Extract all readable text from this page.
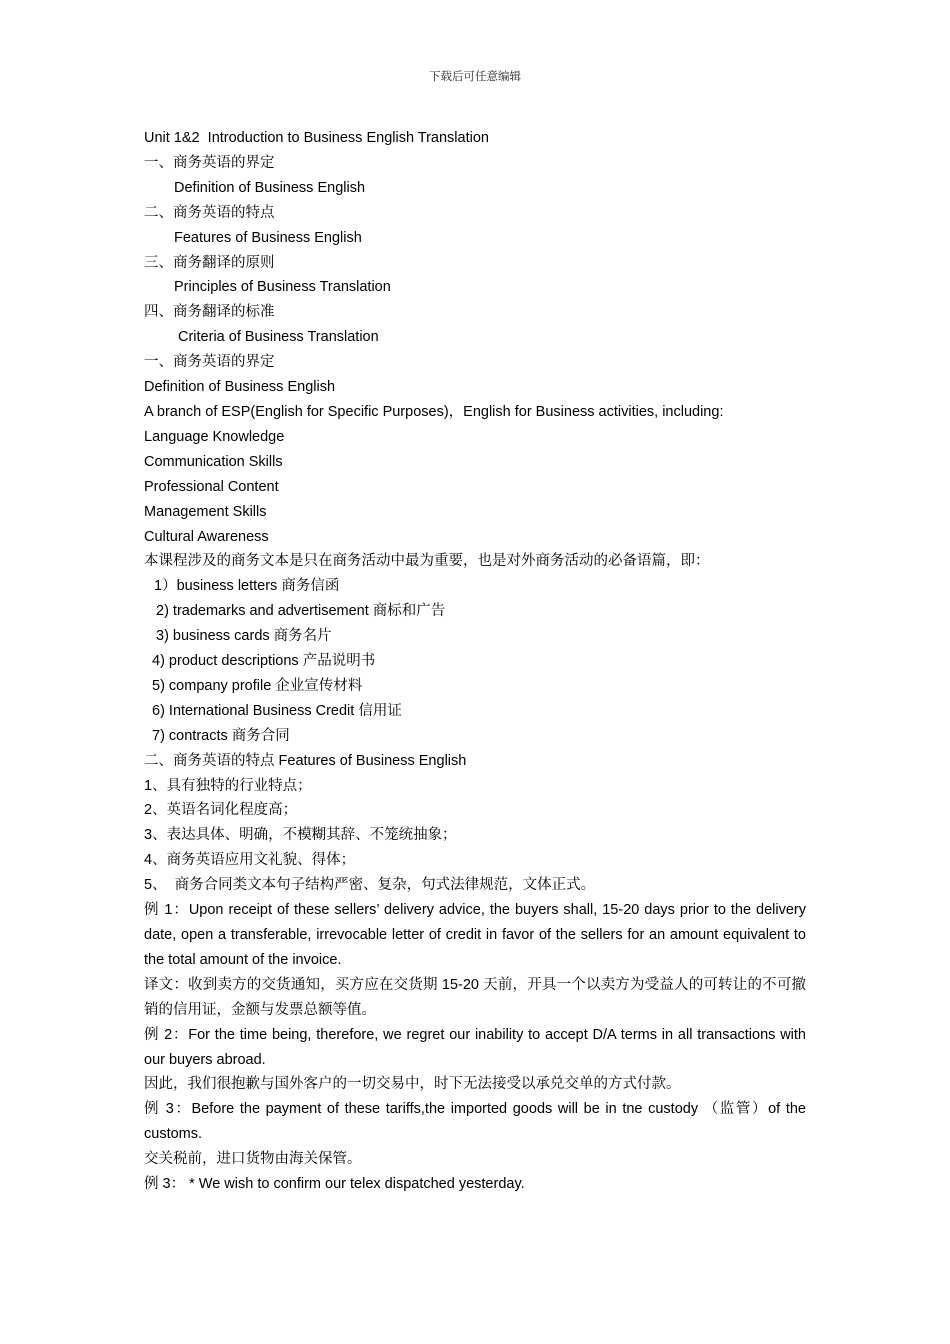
下载后可任意编辑

Unit 1&2  Introduction to Business English Translation

一、商务英语的界定

Definition of Business English

二、商务英语的特点

Features of Business English

三、商务翻译的原则

Principles of Business Translation

四、商务翻译的标准

Criteria of Business Translation

一、商务英语的界定

Definition of Business English

A branch of ESP(English for Specific Purposes)，English for Business activities, including:

Language Knowledge

Communication Skills

Professional Content

Management Skills

Cultural Awareness

本课程涉及的商务文本是只在商务活动中最为重要，也是对外商务活动的必备语篇，即：

1）business letters 商务信函

2) trademarks and advertisement 商标和广告

3) business cards 商务名片

4) product descriptions 产品说明书

5) company profile 企业宣传材料

6) International Business Credit 信用证

7) contracts 商务合同

二、商务英语的特点 Features of Business English

1、具有独特的行业特点；

2、英语名词化程度高；

3、表达具体、明确，不模糊其辞、不笼统抽象；

4、商务英语应用文礼貌、得体；

5、  商务合同类文本句子结构严密、复杂，句式法律规范，文体正式。

例 1：Upon receipt of these sellers’ delivery advice, the buyers shall, 15-20 days prior to the delivery date, open a transferable, irrevocable letter of credit in favor of the sellers for an amount equivalent to the total amount of the invoice.

译文：收到卖方的交货通知，买方应在交货期 15-20 天前，开具一个以卖方为受益人的可转让的不可撤销的信用证，金额与发票总额等值。

例 2：For the time being, therefore, we regret our inability to accept D/A terms in all transactions with our buyers abroad.

因此，我们很抱歉与国外客户的一切交易中，时下无法接受以承兑交单的方式付款。

例 3：Before the payment of these tariffs,the imported goods will be in tne custody （监管）of the customs.

交关税前，进口货物由海关保管。

例 3： * We wish to confirm our telex dispatched yesterday.
